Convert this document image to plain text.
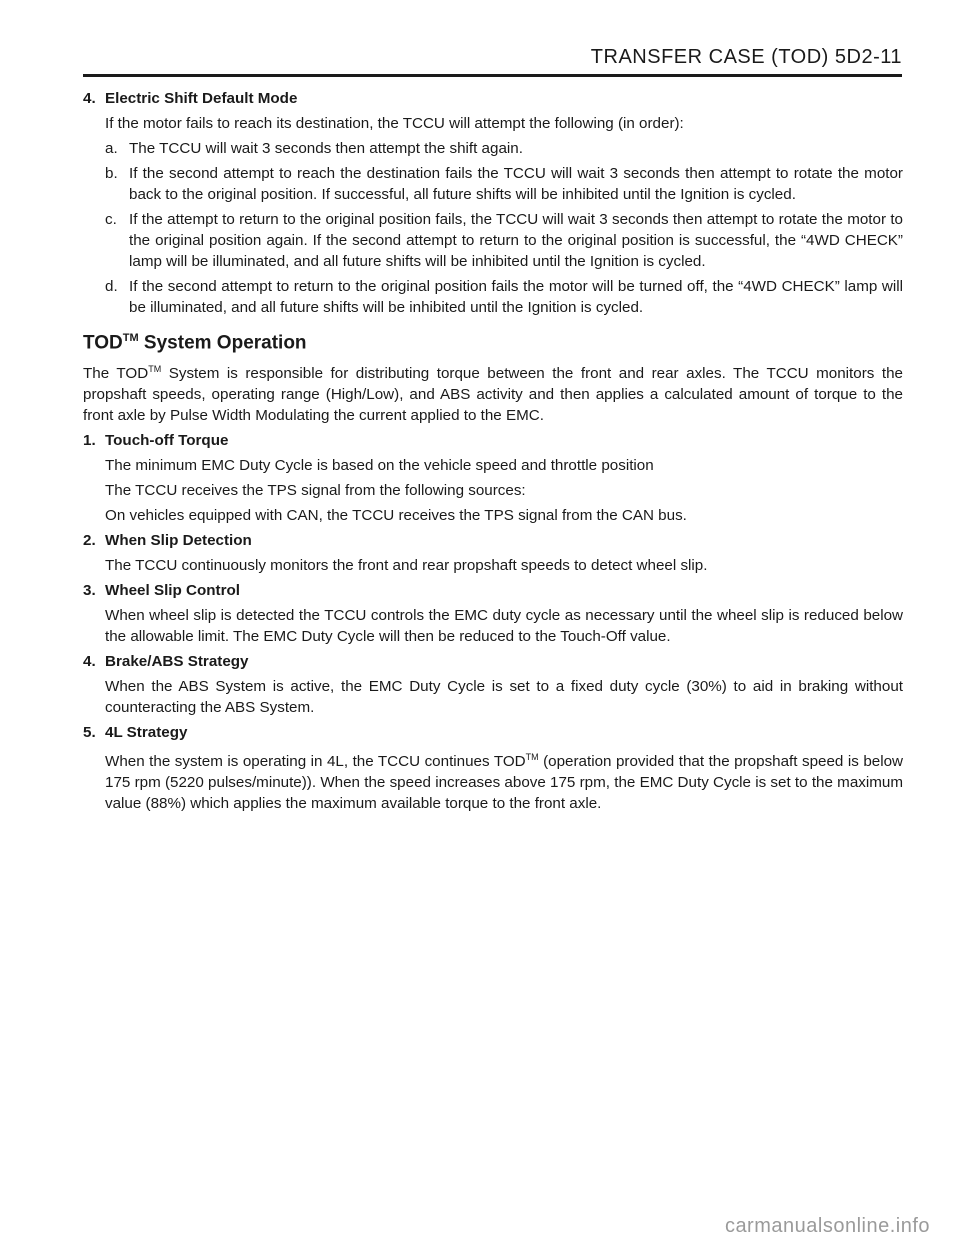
TRANSFER CASE (TOD) 5D2-11
4. Electric Shift Default Mode
If the motor fails to reach its destination, the TCCU will attempt the following (in order):
a. The TCCU will wait 3 seconds then attempt the shift again.
b. If the second attempt to reach the destination fails the TCCU will wait 3 seconds then attempt to rotate the motor back to the original position. If successful, all future shifts will be inhibited until the Ignition is cycled.
c. If the attempt to return to the original position fails, the TCCU will wait 3 seconds then attempt to rotate the motor to the original position again. If the second attempt to return to the original position is successful, the “4WD CHECK” lamp will be illuminated, and all future shifts will be inhibited until the Ignition is cycled.
d. If the second attempt to return to the original position fails the motor will be turned off, the “4WD CHECK” lamp will be illuminated, and all future shifts will be inhibited until the Ignition is cycled.
TOD™ System Operation
The TOD™ System is responsible for distributing torque between the front and rear axles. The TCCU monitors the propshaft speeds, operating range (High/Low), and ABS activity and then applies a calculated amount of torque to the front axle by Pulse Width Modulating the current applied to the EMC.
1. Touch-off Torque
The minimum EMC Duty Cycle is based on the vehicle speed and throttle position
The TCCU receives the TPS signal from the following sources:
On vehicles equipped with CAN, the TCCU receives the TPS signal from the CAN bus.
2. When Slip Detection
The TCCU continuously monitors the front and rear propshaft speeds to detect wheel slip.
3. Wheel Slip Control
When wheel slip is detected the TCCU controls the EMC duty cycle as necessary until the wheel slip is reduced below the allowable limit. The EMC Duty Cycle will then be reduced to the Touch-Off value.
4. Brake/ABS Strategy
When the ABS System is active, the EMC Duty Cycle is set to a fixed duty cycle (30%) to aid in braking without counteracting the ABS System.
5. 4L Strategy
When the system is operating in 4L, the TCCU continues TOD™ (operation provided that the propshaft speed is below 175 rpm (5220 pulses/minute)). When the speed increases above 175 rpm, the EMC Duty Cycle is set to the maximum value (88%) which applies the maximum available torque to the front axle.
carmanualsonline.info
